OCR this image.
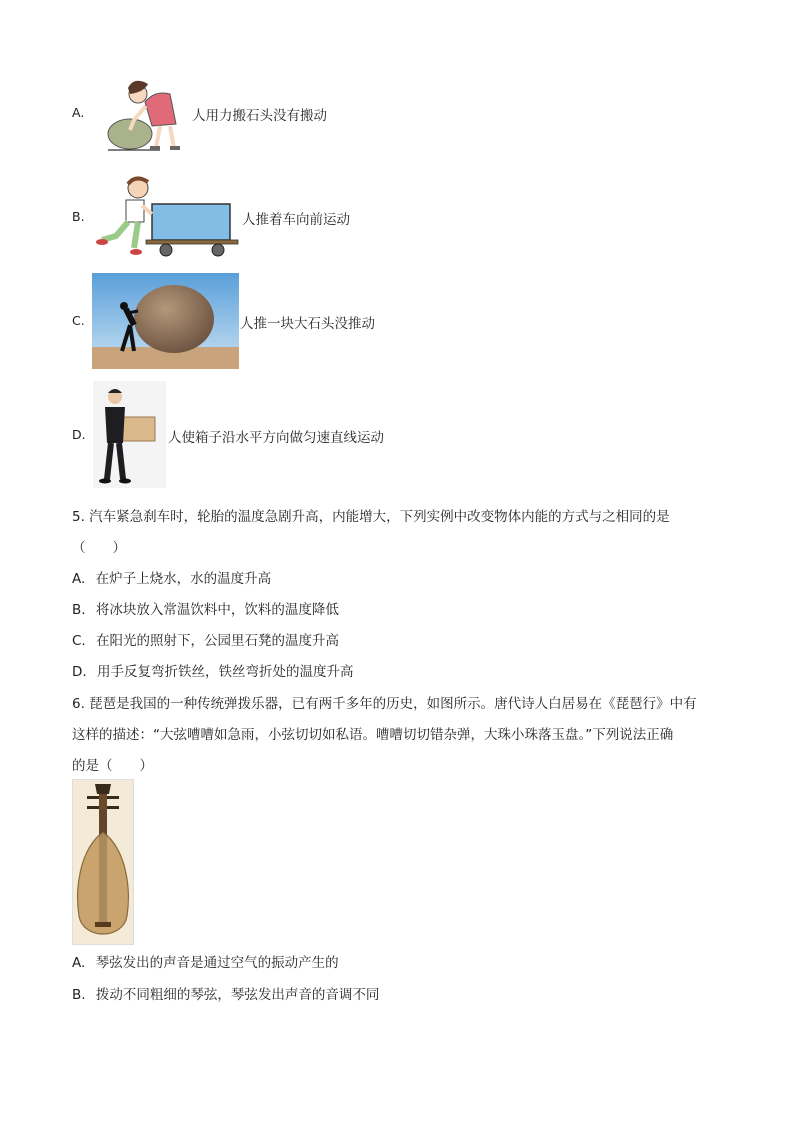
A.	人用力搬石头没有搬动
B.	人推着车向前运动
C.	人推一块大石头没推动
D.	人使箱子沿水平方向做匀速直线运动
5. 汽车紧急刹车时，轮胎的温度急剧升高，内能增大，下列实例中改变物体内能的方式与之相同的是
（　　）
A. 在炉子上烧水，水的温度升高
B. 将冰块放入常温饮料中，饮料的温度降低
C. 在阳光的照射下，公园里石凳的温度升高
D. 用手反复弯折铁丝，铁丝弯折处的温度升高
6. 琵琶是我国的一种传统弹拨乐器，已有两千多年的历史，如图所示。唐代诗人白居易在《琵琶行》中有
这样的描述：“大弦嘈嘈如急雨，小弦切切如私语。嘈嘈切切错杂弹，大珠小珠落玉盘。”下列说法正确
的是（　　）
A. 琴弦发出的声音是通过空气的振动产生的
B. 拨动不同粗细的琴弦，琴弦发出声音的音调不同
